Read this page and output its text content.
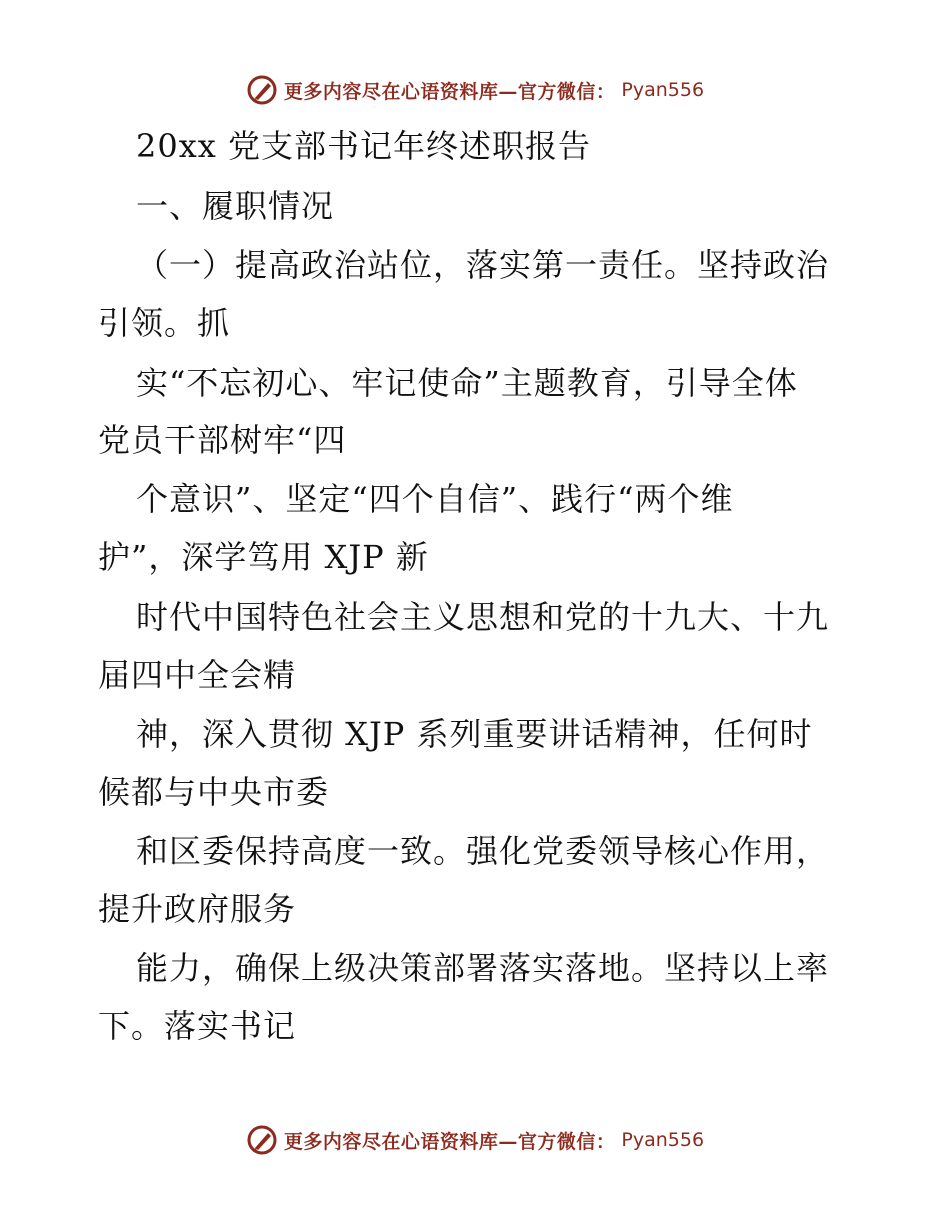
更多内容尽在心语资料库—官方微信： Pyan556
20xx 党支部书记年终述职报告
一、履职情况
（一）提高政治站位，落实第一责任。坚持政治
引领。抓
实“不忘初心、牢记使命”主题教育，引导全体
党员干部树牢“四
个意识”、坚定“四个自信”、践行“两个维
护”，深学笃用 XJP 新
时代中国特色社会主义思想和党的十九大、十九
届四中全会精
神，深入贯彻 XJP 系列重要讲话精神，任何时
候都与中央市委
和区委保持高度一致。强化党委领导核心作用，
提升政府服务
能力，确保上级决策部署落实落地。坚持以上率
下。落实书记
更多内容尽在心语资料库—官方微信： Pyan556
